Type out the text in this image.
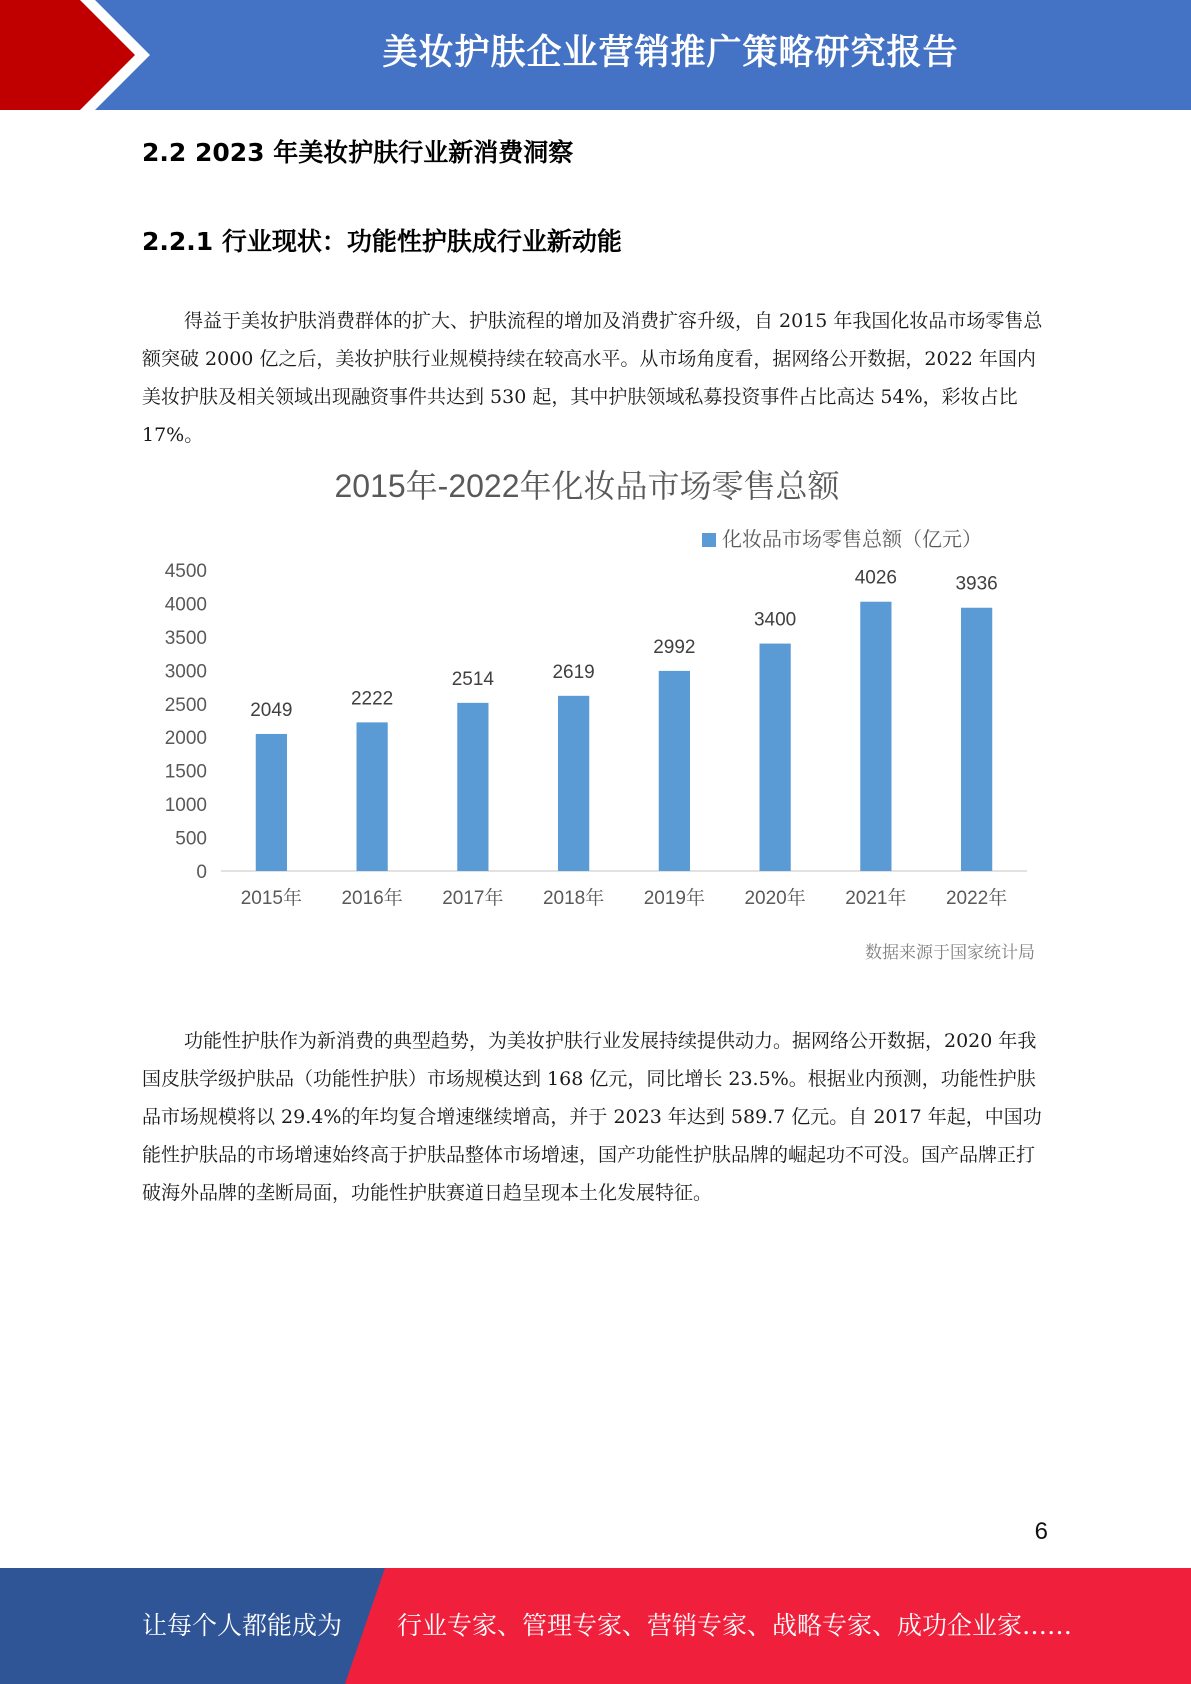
美妆护肤企业营销推广策略研究报告
2.2 2023 年美妆护肤行业新消费洞察
2.2.1 行业现状：功能性护肤成行业新动能

得益于美妆护肤消费群体的扩大、护肤流程的增加及消费扩容升级，自 2015 年我国化妆品市场零售总额突破 2000 亿之后，美妆护肤行业规模持续在较高水平。从市场角度看，据网络公开数据，2022 年国内美妆护肤及相关领域出现融资事件共达到 530 起，其中护肤领域私募投资事件占比高达 54%，彩妆占比 17%。

2015年-2022年化妆品市场零售总额
化妆品市场零售总额（亿元）
0
500
1000
1500
2000
2500
3000
3500
4000
4500
2049
2222
2514	2619
2992
3400
4026	3936
2015年 2016年 2017年 2018年 2019年 2020年 2021年 2022年
数据来源于国家统计局

功能性护肤作为新消费的典型趋势，为美妆护肤行业发展持续提供动力。据网络公开数据，2020 年我国皮肤学级护肤品（功能性护肤）市场规模达到 168 亿元，同比增长 23.5%。根据业内预测，功能性护肤品市场规模将以 29.4%的年均复合增速继续增高，并于 2023 年达到 589.7 亿元。自 2017 年起，中国功能性护肤品的市场增速始终高于护肤品整体市场增速，国产功能性护肤品牌的崛起功不可没。国产品牌正打破海外品牌的垄断局面，功能性护肤赛道日趋呈现本土化发展特征。

6
让每个人都能成为 行业专家、管理专家、营销专家、战略专家、成功企业家……
